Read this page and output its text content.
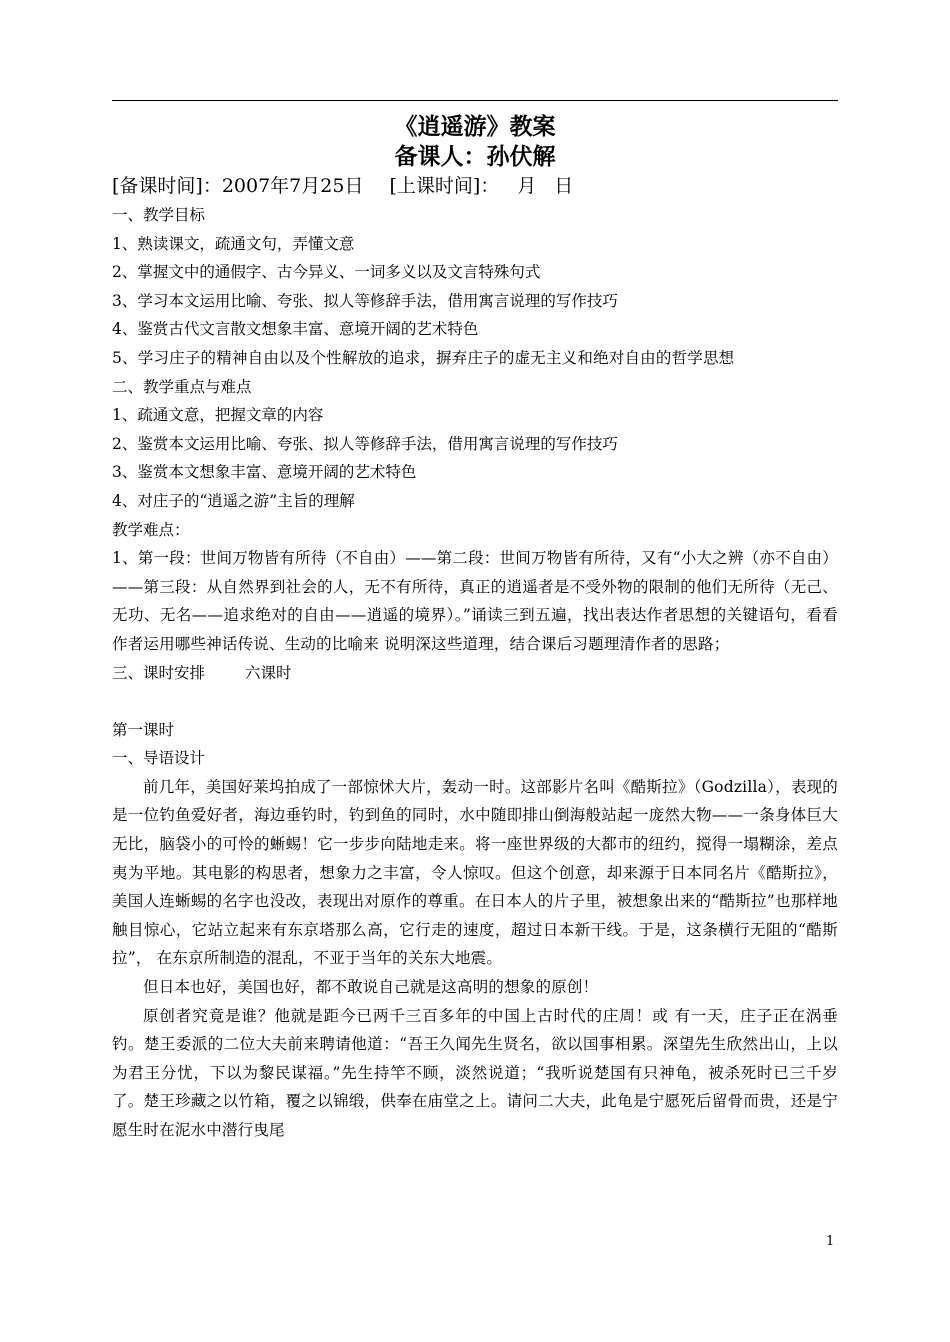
《逍遥游》教案

备课人：孙伏解

[备课时间]：2007年7月25日 [上课时间]： 月 日

一、教学目标

1、熟读课文，疏通文句，弄懂文意

2、掌握文中的通假字、古今异义、一词多义以及文言特殊句式

3、学习本文运用比喻、夸张、拟人等修辞手法，借用寓言说理的写作技巧

4、鉴赏古代文言散文想象丰富、意境开阔的艺术特色

5、学习庄子的精神自由以及个性解放的追求，摒弃庄子的虚无主义和绝对自由的哲学思想

二、教学重点与难点

1、疏通文意，把握文章的内容

2、鉴赏本文运用比喻、夸张、拟人等修辞手法，借用寓言说理的写作技巧

3、鉴赏本文想象丰富、意境开阔的艺术特色

4、对庄子的“逍遥之游”主旨的理解

教学难点：

1、第一段：世间万物皆有所待（不自由）——第二段：世间万物皆有所待，又有“小大之辨（亦不自由）——第三段：从自然界到社会的人，无不有所待，真正的逍遥者是不受外物的限制的他们无所待（无己、无功、无名——追求绝对的自由——逍遥的境界）。”诵读三到五遍，找出表达作者思想的关键语句，看看作者运用哪些神话传说、生动的比喻来 说明深这些道理，结合课后习题理清作者的思路；

三、课时安排	六课时

第一课时

一、导语设计

前几年，美国好莱坞拍成了一部惊怵大片，轰动一时。这部影片名叫《酷斯拉》（Godzilla），表现的是一位钓鱼爱好者，海边垂钓时，钓到鱼的同时，水中随即排山倒海般站起一庞然大物——一条身体巨大无比，脑袋小的可怜的蜥蜴！它一步步向陆地走来。将一座世界级的大都市的纽约，搅得一塌糊涂，差点夷为平地。其电影的构思者，想象力之丰富，令人惊叹。但这个创意，却来源于日本同名片《酷斯拉》，美国人连蜥蜴的名字也没改，表现出对原作的尊重。在日本人的片子里，被想象出来的“酷斯拉”也那样地触目惊心，它站立起来有东京塔那么高，它行走的速度，超过日本新干线。于是，这条横行无阻的“酷斯拉”， 在东京所制造的混乱，不亚于当年的关东大地震。

但日本也好，美国也好，都不敢说自己就是这高明的想象的原创！

原创者究竟是谁？他就是距今已两千三百多年的中国上古时代的庄周！或 有一天，庄子正在涡垂钓。楚王委派的二位大夫前来聘请他道：“吾王久闻先生贤名，欲以国事相累。深望先生欣然出山，上以为君王分忧，下以为黎民谋福。”先生持竿不顾，淡然说道；“我听说楚国有只神龟，被杀死时已三千岁了。楚王珍藏之以竹箱，覆之以锦缎，供奉在庙堂之上。请问二大夫，此龟是宁愿死后留骨而贵，还是宁愿生时在泥水中潜行曳尾

1
